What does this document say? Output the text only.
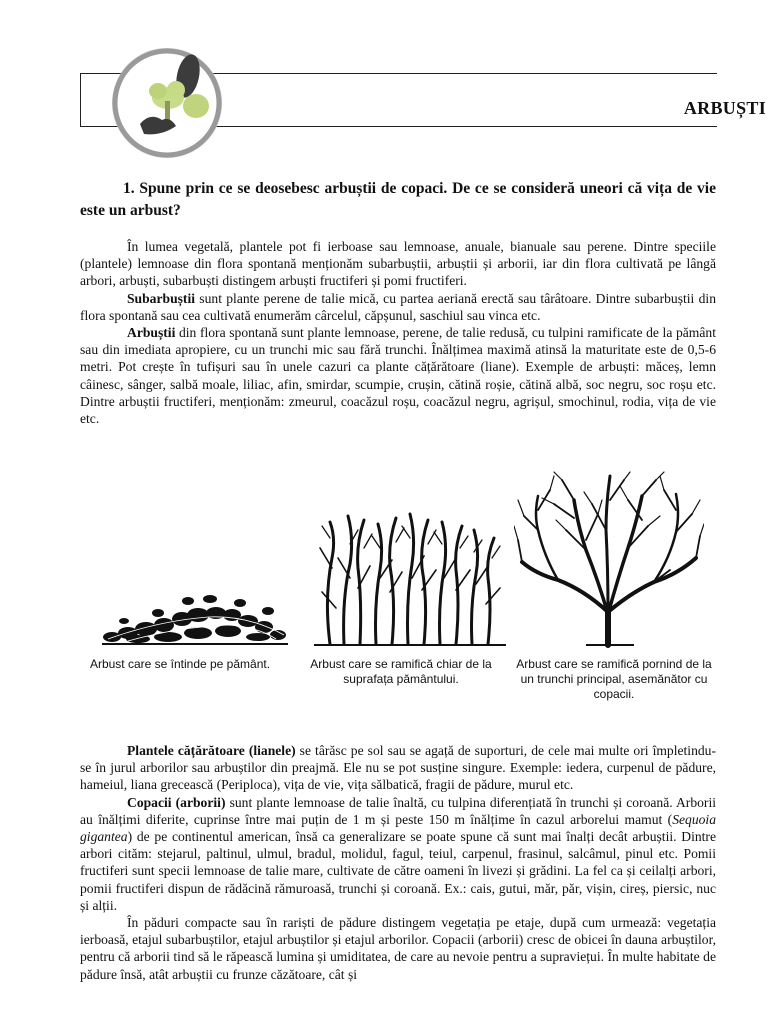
ARBUȘTI
1. Spune prin ce se deosebesc arbuștii de copaci. De ce se consideră uneori că vița de vie este un arbust?

În lumea vegetală, plantele pot fi ierboase sau lemnoase, anuale, bianuale sau perene. Dintre speciile (plantele) lemnoase din flora spontană menționăm subarbuștii, arbuștii și arborii, iar din flora cultivată pe lângă arbori, arbuști, subarbuști distingem arbuști fructiferi și pomi fructiferi.

Subarbuștii sunt plante perene de talie mică, cu partea aeriană erectă sau târâtoare. Dintre subarbuștii din flora spontană sau cea cultivată enumerăm cârcelul, căpșunul, saschiul sau vinca etc.

Arbuștii din flora spontană sunt plante lemnoase, perene, de talie redusă, cu tulpini ramificate de la pământ sau din imediata apropiere, cu un trunchi mic sau fără trunchi. Înălțimea maximă atinsă la maturitate este de 0,5-6 metri. Pot crește în tufișuri sau în unele cazuri ca plante cățărătoare (liane). Exemple de arbuști: măceș, lemn câinesc, sânger, salbă moale, liliac, afin, smirdar, scumpie, crușin, cătină roșie, cătină albă, soc negru, soc roșu etc. Dintre arbuștii fructiferi, menționăm: zmeurul, coacăzul roșu, coacăzul negru, agrișul, smochinul, rodia, vița de vie etc.

Arbust care se întinde pe pământ.	Arbust care se ramifică chiar de la suprafața pământului.
Arbust care se ramifică pornind de la un trunchi principal, asemănător cu copacii.

Plantele cățărătoare (lianele) se târăsc pe sol sau se agață de suporturi, de cele mai multe ori împletindu-se în jurul arborilor sau arbuștilor din preajmă. Ele nu se pot susține singure. Exemple: iedera, curpenul de pădure, hameiul, liana grecească (Periploca), vița de vie, vița sălbatică, fragii de pădure, murul etc.

Copacii (arborii) sunt plante lemnoase de talie înaltă, cu tulpina diferențiată în trunchi și coroană. Arborii au înălțimi diferite, cuprinse între mai puțin de 1 m și peste 150 m înălțime în cazul arborelui mamut (Sequoia gigantea) de pe continentul american, însă ca generalizare se poate spune că sunt mai înalți decât arbuștii. Dintre arbori cităm: stejarul, paltinul, ulmul, bradul, molidul, fagul, teiul, carpenul, frasinul, salcâmul, pinul etc. Pomii fructiferi sunt specii lemnoase de talie mare, cultivate de către oameni în livezi și grădini. La fel ca și ceilalți arbori, pomii fructiferi dispun de rădăcină rămuroasă, trunchi și coroană. Ex.: cais, gutui, măr, păr, vișin, cireș, piersic, nuc și alții.

În păduri compacte sau în rariști de pădure distingem vegetația pe etaje, după cum urmează: vegetația ierboasă, etajul subarbuștilor, etajul arbuștilor și etajul arborilor. Copacii (arborii) cresc de obicei în dauna arbuștilor, pentru că arborii tind să le răpească lumina și umiditatea, de care au nevoie pentru a supraviețui. În multe habitate de pădure însă, atât arbuștii cu frunze căzătoare, cât și
